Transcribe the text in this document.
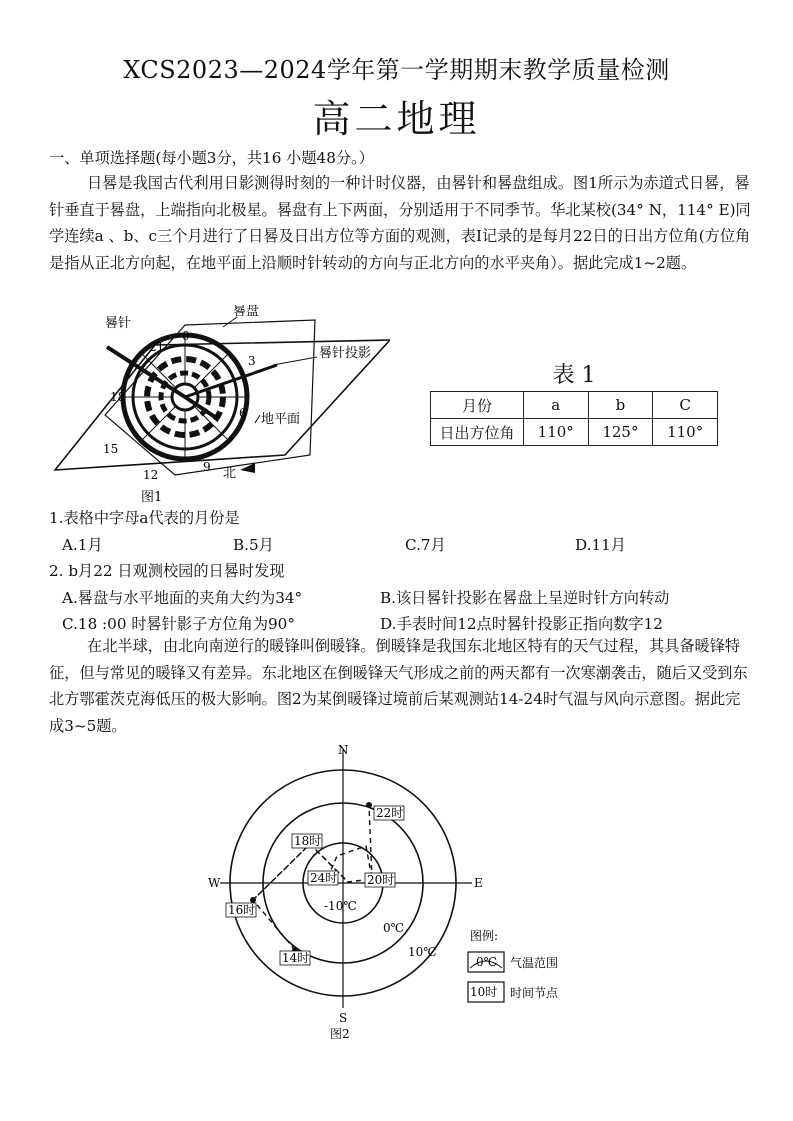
XCS2023—2024学年第一学期期末教学质量检测
高二地理
一、单项选择题(每小题3分，共16 小题48分。）
日晷是我国古代利用日影测得时刻的一种计时仪器，由晷针和晷盘组成。图1所示为赤道式日晷，晷针垂直于晷盘，上端指向北极星。晷盘有上下两面，分别适用于不同季节。华北某校(34° N，114° E)同学连续a 、b、c三个月进行了日晷及日出方位等方面的观测，表Ⅰ记录的是每月22日的日出方位角(方位角是指从正北方向起，在地平面上沿顺时针转动的方向与正北方向的水平夹角）。据此完成1~2题。
晷针
晷盘
晷针投影
地平面
北
0
3
6
9
12
15
18
21
图1
表 1
月份	a	b	C
日出方位角	110°	125°	110°
1.表格中字母a代表的月份是
A.1月	B.5月	C.7月	D.11月
2. b月22 日观测校园的日晷时发现
A.晷盘与水平地面的夹角大约为34°	B.该日晷针投影在晷盘上呈逆时针方向转动
C.18 :00 时晷针影子方位角为90°	D.手表时间12点时晷针投影正指向数字12
在北半球，由北向南逆行的暖锋叫倒暖锋。倒暖锋是我国东北地区特有的天气过程，其具备暖锋特征，但与常见的暖锋又有差异。东北地区在倒暖锋天气形成之前的两天都有一次寒潮袭击，随后又受到东北方鄂霍茨克海低压的极大影响。图2为某倒暖锋过境前后某观测站14-24时气温与风向示意图。据此完成3~5题。
N
S
E
W
-10℃
0℃
10℃
14时
16时
18时
20时
22时
24时
图例:
0℃ 气温范围
10时 时间节点
图2
